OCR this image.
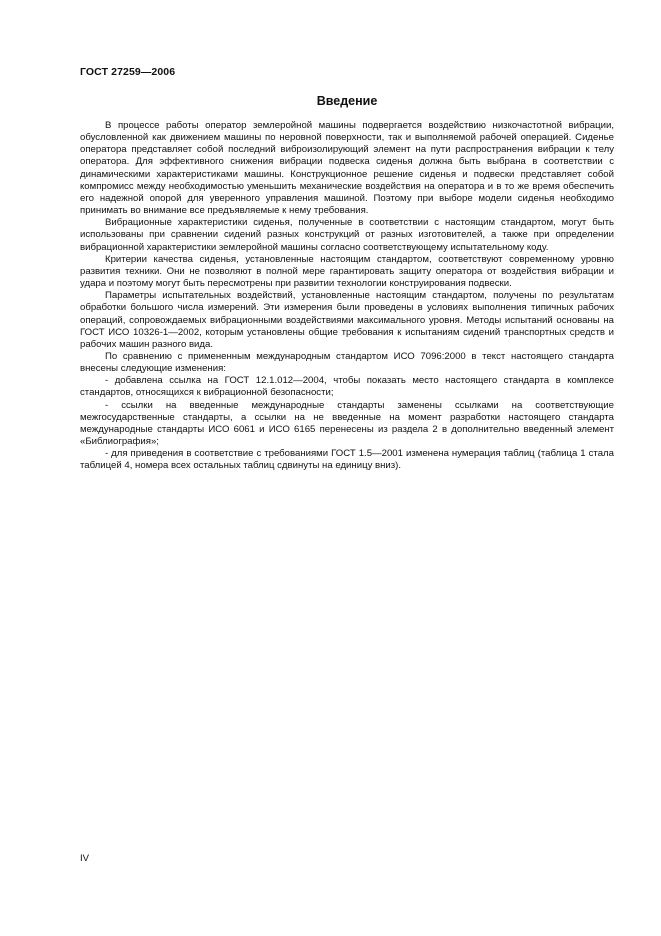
ГОСТ 27259—2006
Введение

В процессе работы оператор землеройной машины подвергается воздействию низкочастотной вибрации, обусловленной как движением машины по неровной поверхности, так и выполняемой рабочей операцией. Сиденье оператора представляет собой последний виброизолирующий элемент на пути распространения вибрации к телу оператора. Для эффективного снижения вибрации подвеска сиденья должна быть выбрана в соответствии с динамическими характеристиками машины. Конструкционное решение сиденья и подвески представляет собой компромисс между необходимостью уменьшить механические воздействия на оператора и в то же время обеспечить его надежной опорой для уверенного управления машиной. Поэтому при выборе модели сиденья необходимо принимать во внимание все предъявляемые к нему требования.

Вибрационные характеристики сиденья, полученные в соответствии с настоящим стандартом, могут быть использованы при сравнении сидений разных конструкций от разных изготовителей, а также при определении вибрационной характеристики землеройной машины согласно соответствующему испытательному коду.

Критерии качества сиденья, установленные настоящим стандартом, соответствуют современному уровню развития техники. Они не позволяют в полной мере гарантировать защиту оператора от воздействия вибрации и удара и поэтому могут быть пересмотрены при развитии технологии конструирования подвески.

Параметры испытательных воздействий, установленные настоящим стандартом, получены по результатам обработки большого числа измерений. Эти измерения были проведены в условиях выполнения типичных рабочих операций, сопровождаемых вибрационными воздействиями максимального уровня. Методы испытаний основаны на ГОСТ ИСО 10326-1—2002, которым установлены общие требования к испытаниям сидений транспортных средств и рабочих машин разного вида.

По сравнению с примененным международным стандартом ИСО 7096:2000 в текст настоящего стандарта внесены следующие изменения:

- добавлена ссылка на ГОСТ 12.1.012—2004, чтобы показать место настоящего стандарта в комплексе стандартов, относящихся к вибрационной безопасности;

- ссылки на введенные международные стандарты заменены ссылками на соответствующие межгосударственные стандарты, а ссылки на не введенные на момент разработки настоящего стандарта международные стандарты ИСО 6061 и ИСО 6165 перенесены из раздела 2 в дополнительно введенный элемент «Библиография»;

- для приведения в соответствие с требованиями ГОСТ 1.5—2001 изменена нумерация таблиц (таблица 1 стала таблицей 4, номера всех остальных таблиц сдвинуты на единицу вниз).

IV
